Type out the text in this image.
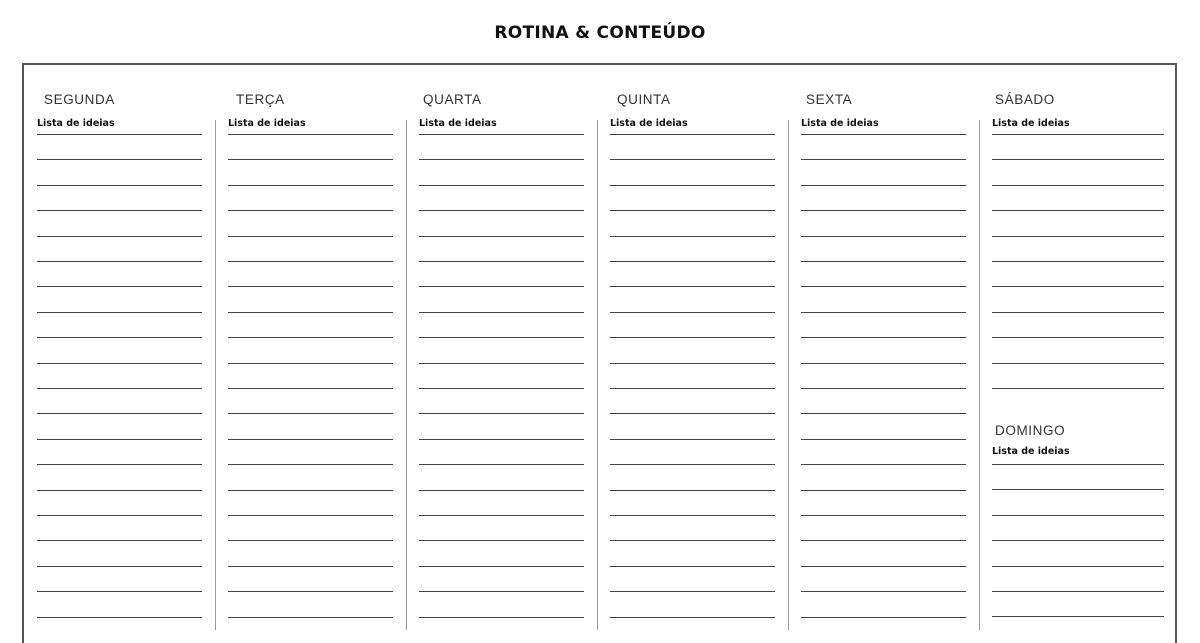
ROTINA & CONTEÚDO
SEGUNDA
Lista de ideias
TERÇA
Lista de ideias
QUARTA
Lista de ideias
QUINTA
Lista de ideias
SEXTA
Lista de ideias
SÁBADO
Lista de ideias
DOMINGO
Lista de ideias
